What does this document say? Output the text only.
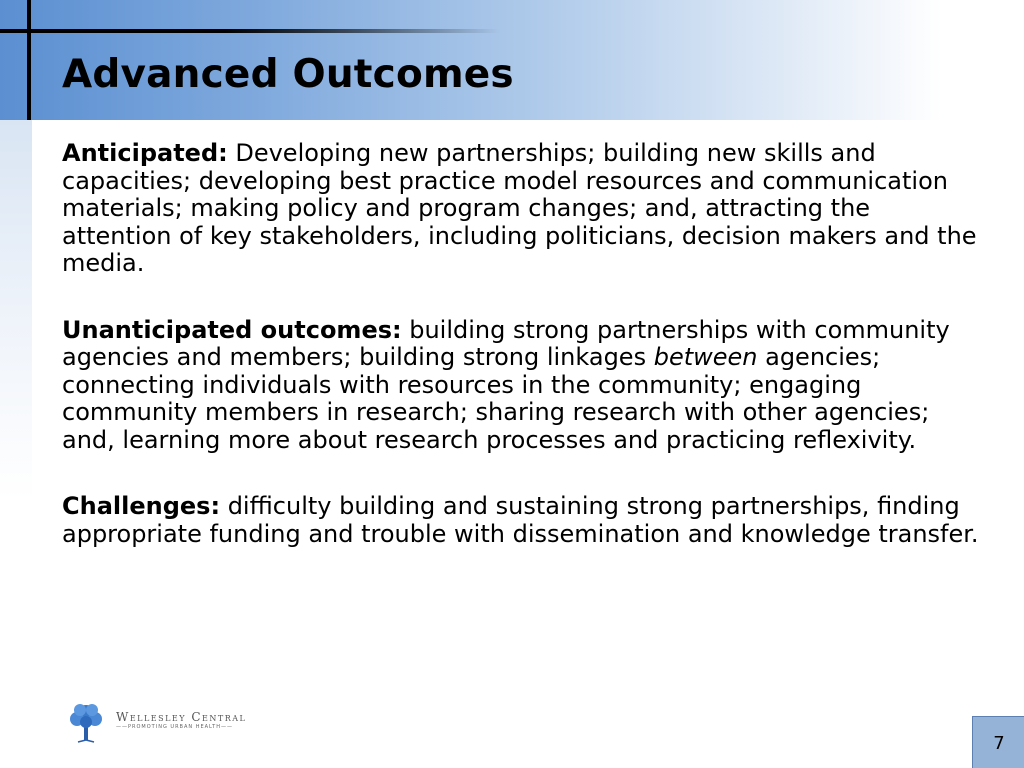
Advanced Outcomes

Anticipated: Developing new partnerships; building new skills and capacities; developing best practice model resources and communication materials; making policy and program changes; and, attracting the attention of key stakeholders, including politicians, decision makers and the media.

Unanticipated outcomes: building strong partnerships with community agencies and members; building strong linkages between agencies; connecting individuals with resources in the community; engaging community members in research; sharing research with other agencies; and, learning more about research processes and practicing reflexivity.

Challenges: difficulty building and sustaining strong partnerships, finding appropriate funding and trouble with dissemination and knowledge transfer.

Wellesley Central
——PROMOTING URBAN HEALTH——
7
